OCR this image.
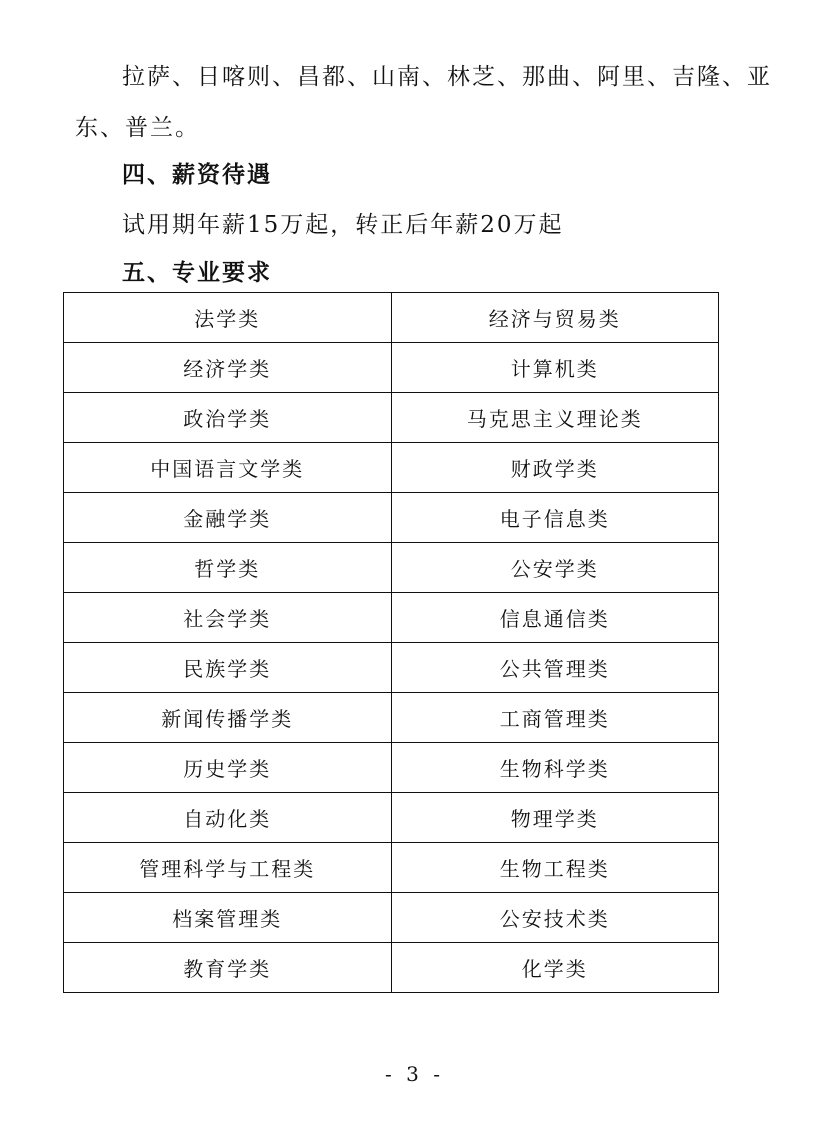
拉萨、日喀则、昌都、山南、林芝、那曲、阿里、吉隆、亚
东、普兰。
四、薪资待遇
试用期年薪15万起，转正后年薪20万起
五、专业要求
法学类	经济与贸易类
经济学类	计算机类
政治学类	马克思主义理论类
中国语言文学类	财政学类
金融学类	电子信息类
哲学类	公安学类
社会学类	信息通信类
民族学类	公共管理类
新闻传播学类	工商管理类
历史学类	生物科学类
自动化类	物理学类
管理科学与工程类	生物工程类
档案管理类	公安技术类
教育学类	化学类
- 3 -
